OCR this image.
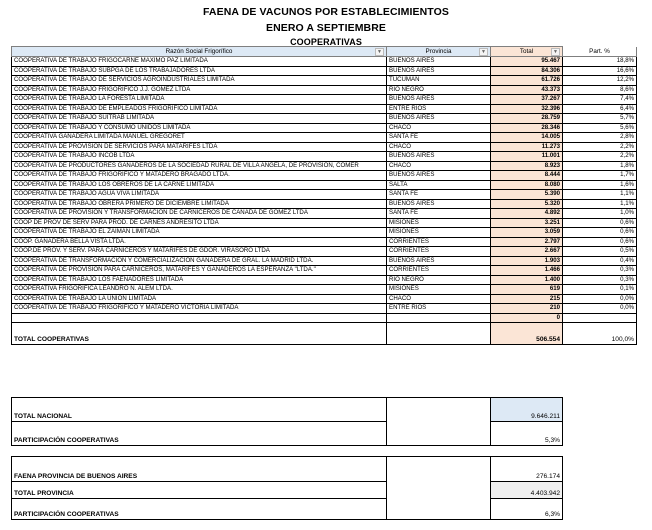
FAENA DE VACUNOS POR ESTABLECIMIENTOS
ENERO A SEPTIEMBRE
COOPERATIVAS
Razón Social Frigorífico ▼	Provincia ▼	Total ▼	Part. %
COOPERATIVA DE TRABAJO FRIGOCARNE MAXIMO PAZ LIMITADA	BUENOS AIRES	95.467	18,8%
COOPERATIVA DE TRABAJO SUBPGA DE LOS TRABAJADORES LTDA	BUENOS AIRES	84.306	16,6%
COOPERATIVA DE TRABAJO DE SERVICIOS AGROINDUSTRIALES LIMITADA	TUCUMAN	61.726	12,2%
COOPERATIVA DE TRABAJO FRIGORIFICO J.J. GOMEZ LTDA	RIO NEGRO	43.373	8,6%
COOPERATIVA DE TRABAJO LA FORESTA LIMITADA	BUENOS AIRES	37.267	7,4%
COOPERATIVA DE TRABAJO DE EMPLEADOS FRIGORIFICO LIMITADA	ENTRE RIOS	32.396	6,4%
COOPERATIVA DE TRABAJO SUITRAB LIMITADA	BUENOS AIRES	28.759	5,7%
COOPERATIVA DE TRABAJO Y CONSUMO UNIDOS LIMITADA	CHACO	28.346	5,6%
COOPERATIVA GANADERA LIMITADA MANUEL GREGORET	SANTA FE	14.005	2,8%
COOPERATIVA DE PROVISION DE SERVICIOS PARA MATARIFES LTDA	CHACO	11.273	2,2%
COOPERATIVA DE TRABAJO INCOB LTDA	BUENOS AIRES	11.001	2,2%
COOPERATIVA DE PRODUCTORES GANADEROS DE LA SOCIEDAD RURAL DE VILLA ANGELA, DE PROVISION, COMER	CHACO	8.923	1,8%
COOPERATIVA DE TRABAJO FRIGORIFICO Y MATADERO BRAGADO LTDA.	BUENOS AIRES	8.444	1,7%
COOPERATIVA DE TRABAJO LOS OBREROS DE LA CARNE LIMITADA	SALTA	8.080	1,6%
COOPERATIVA DE TRABAJO AGUA VIVA LIMITADA	SANTA FE	5.390	1,1%
COOPERATIVA DE TRABAJO OBRERA PRIMERO DE DICIEMBRE LIMITADA	BUENOS AIRES	5.320	1,1%
COOPERATIVA DE PROVISION Y TRANSFORMACION DE CARNICEROS DE CAÑADA DE GOMEZ LTDA	SANTA FE	4.892	1,0%
COOP DE PROV DE SERV PARA PROD. DE CARNES ANDRESITO LTDA	MISIONES	3.251	0,6%
COOPERATIVA DE TRABAJO EL ZAIMAN LIMITADA	MISIONES	3.059	0,6%
COOP. GANADERA BELLA VISTA LTDA.	CORRIENTES	2.797	0,6%
COOP.DE PROV. Y SERV. PARA CARNICEROS Y MATARIFES DE GDOR. VIRASORO LTDA	CORRIENTES	2.667	0,5%
COOPERATIVA DE TRANSFORMACION Y COMERCIALIZACION GANADERA DE GRAL. LA MADRID LTDA.	BUENOS AIRES	1.903	0,4%
COOPERATIVA DE PROVISION PARA CARNICEROS, MATARIFES Y GANADEROS LA ESPERANZA "LTDA."	CORRIENTES	1.466	0,3%
COOPERATIVA DE TRABAJO LOS FAENADORES LIMITADA	RIO NEGRO	1.400	0,3%
COOPERATIVA FRIGORIFICA LEANDRO N. ALEM LTDA.	MISIONES	619	0,1%
COOPERATIVA DE TRABAJO LA UNION LIMITADA	CHACO	215	0,0%
COOPERATIVA DE TRABAJO FRIGORIFICO Y MATADERO VICTORIA LIMITADA	ENTRE RIOS	210	0,0%
		0	
TOTAL COOPERATIVAS		506.554	100,0%
TOTAL NACIONAL		9.646.211
PARTICIPACIÓN COOPERATIVAS		5,3%
FAENA PROVINCIA DE BUENOS AIRES		276.174
TOTAL PROVINCIA		4.403.942
PARTICIPACIÓN COOPERATIVAS		6,3%
